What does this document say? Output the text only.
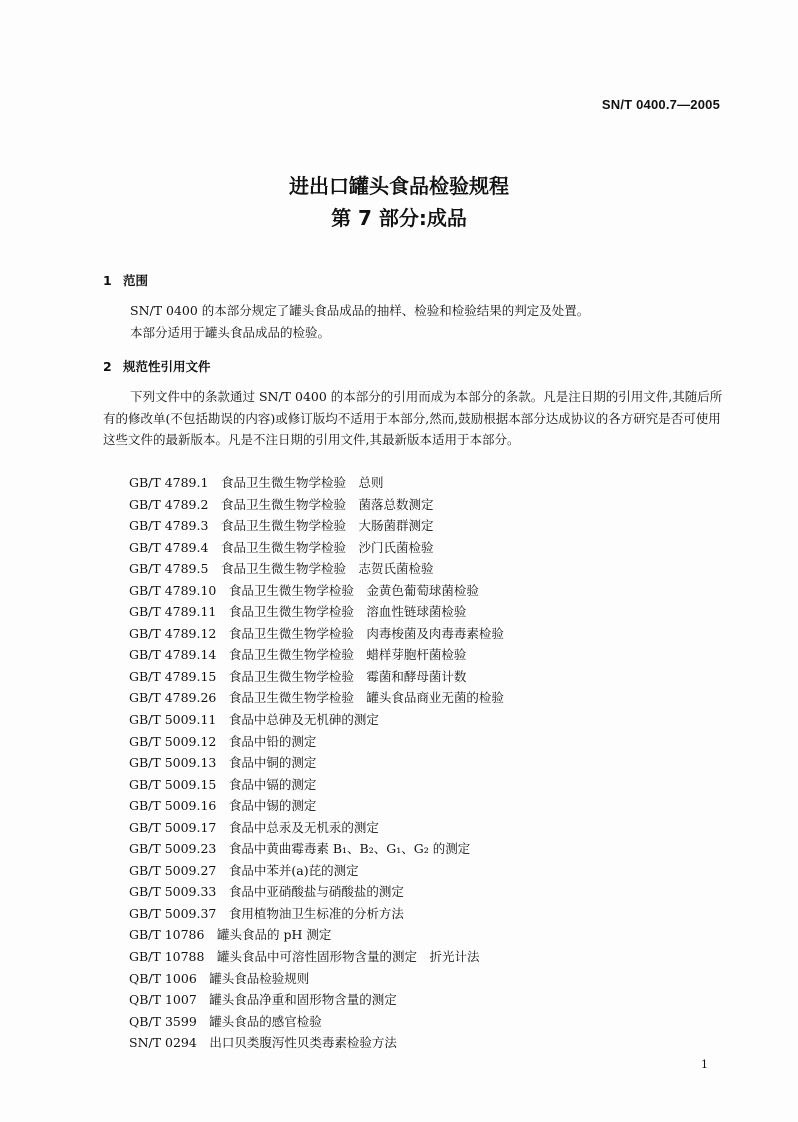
SN/T 0400.7—2005
进出口罐头食品检验规程
第 7 部分:成品
1 范围
SN/T 0400 的本部分规定了罐头食品成品的抽样、检验和检验结果的判定及处置。
本部分适用于罐头食品成品的检验。
2 规范性引用文件
下列文件中的条款通过 SN/T 0400 的本部分的引用而成为本部分的条款。凡是注日期的引用文件,其随后所有的修改单(不包括勘误的内容)或修订版均不适用于本部分,然而,鼓励根据本部分达成协议的各方研究是否可使用这些文件的最新版本。凡是不注日期的引用文件,其最新版本适用于本部分。
GB/T 4789.1  食品卫生微生物学检验　总则
GB/T 4789.2  食品卫生微生物学检验　菌落总数测定
GB/T 4789.3  食品卫生微生物学检验　大肠菌群测定
GB/T 4789.4  食品卫生微生物学检验　沙门氏菌检验
GB/T 4789.5  食品卫生微生物学检验　志贺氏菌检验
GB/T 4789.10  食品卫生微生物学检验　金黄色葡萄球菌检验
GB/T 4789.11  食品卫生微生物学检验　溶血性链球菌检验
GB/T 4789.12  食品卫生微生物学检验　肉毒梭菌及肉毒毒素检验
GB/T 4789.14  食品卫生微生物学检验　蜡样芽胞杆菌检验
GB/T 4789.15  食品卫生微生物学检验　霉菌和酵母菌计数
GB/T 4789.26  食品卫生微生物学检验　罐头食品商业无菌的检验
GB/T 5009.11  食品中总砷及无机砷的测定
GB/T 5009.12  食品中铅的测定
GB/T 5009.13  食品中铜的测定
GB/T 5009.15  食品中镉的测定
GB/T 5009.16  食品中锡的测定
GB/T 5009.17  食品中总汞及无机汞的测定
GB/T 5009.23  食品中黄曲霉毒素 B₁、B₂、G₁、G₂ 的测定
GB/T 5009.27  食品中苯并(a)芘的测定
GB/T 5009.33  食品中亚硝酸盐与硝酸盐的测定
GB/T 5009.37  食用植物油卫生标准的分析方法
GB/T 10786  罐头食品的 pH 测定
GB/T 10788  罐头食品中可溶性固形物含量的测定　折光计法
QB/T 1006  罐头食品检验规则
QB/T 1007  罐头食品净重和固形物含量的测定
QB/T 3599  罐头食品的感官检验
SN/T 0294  出口贝类腹泻性贝类毒素检验方法
1
